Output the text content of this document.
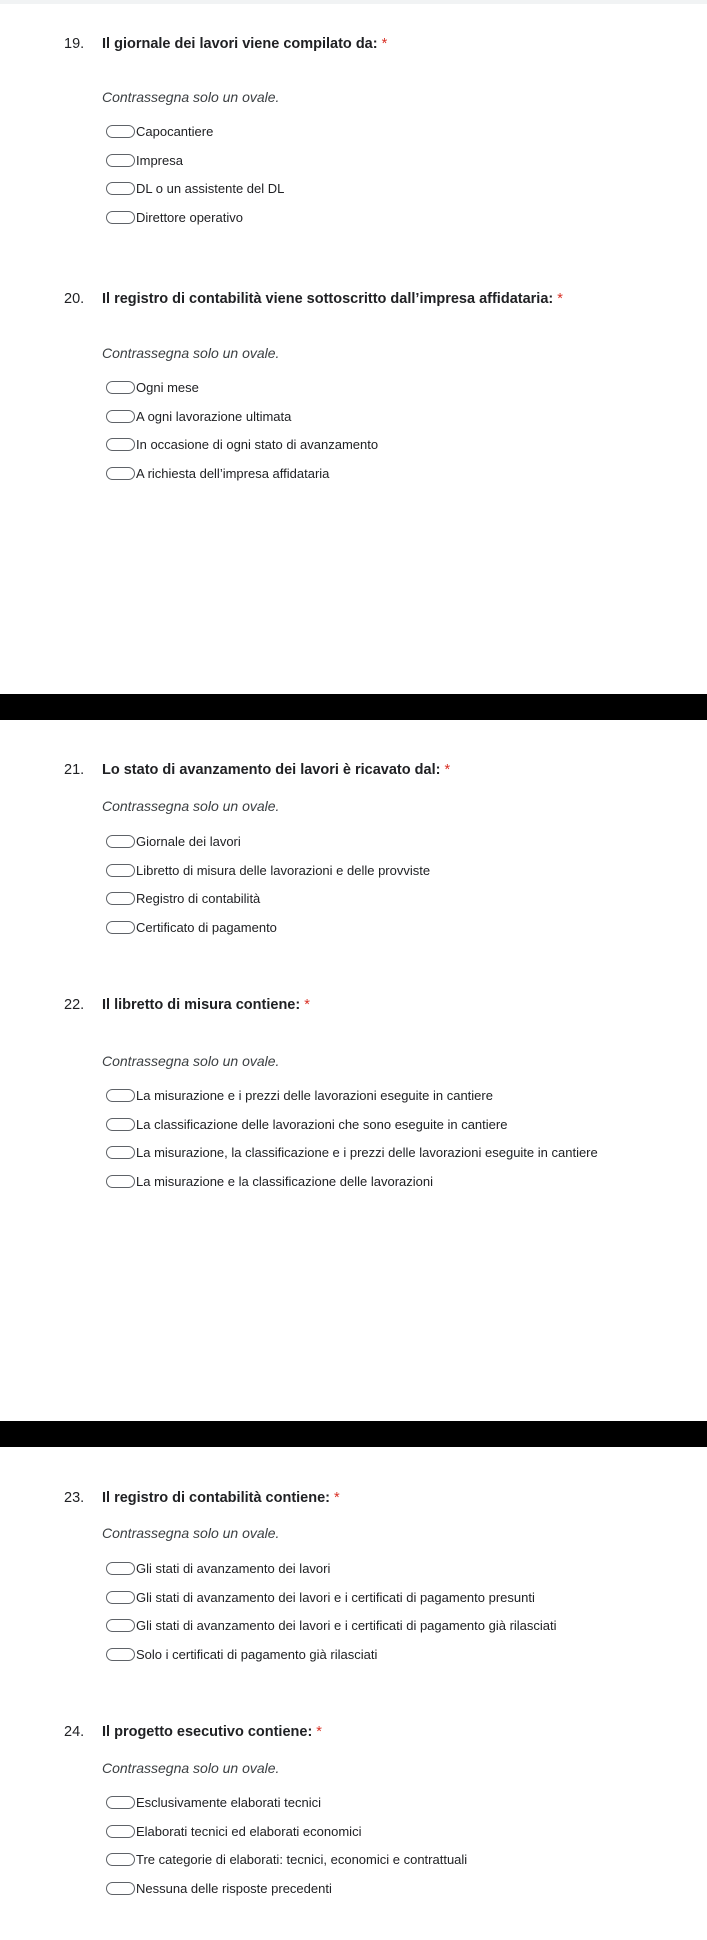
19. Il giornale dei lavori viene compilato da: *
Contrassegna solo un ovale.
Capocantiere
Impresa
DL o un assistente del DL
Direttore operativo
20. Il registro di contabilità viene sottoscritto dall’impresa affidataria: *
Contrassegna solo un ovale.
Ogni mese
A ogni lavorazione ultimata
In occasione di ogni stato di avanzamento
A richiesta dell’impresa affidataria
21. Lo stato di avanzamento dei lavori è ricavato dal: *
Contrassegna solo un ovale.
Giornale dei lavori
Libretto di misura delle lavorazioni e delle provviste
Registro di contabilità
Certificato di pagamento
22. Il libretto di misura contiene: *
Contrassegna solo un ovale.
La misurazione e i prezzi delle lavorazioni eseguite in cantiere
La classificazione delle lavorazioni che sono eseguite in cantiere
La misurazione, la classificazione e i prezzi delle lavorazioni eseguite in cantiere
La misurazione e la classificazione delle lavorazioni
23. Il registro di contabilità contiene: *
Contrassegna solo un ovale.
Gli stati di avanzamento dei lavori
Gli stati di avanzamento dei lavori e i certificati di pagamento presunti
Gli stati di avanzamento dei lavori e i certificati di pagamento già rilasciati
Solo i certificati di pagamento già rilasciati
24. Il progetto esecutivo contiene: *
Contrassegna solo un ovale.
Esclusivamente elaborati tecnici
Elaborati tecnici ed elaborati economici
Tre categorie di elaborati: tecnici, economici e contrattuali
Nessuna delle risposte precedenti
